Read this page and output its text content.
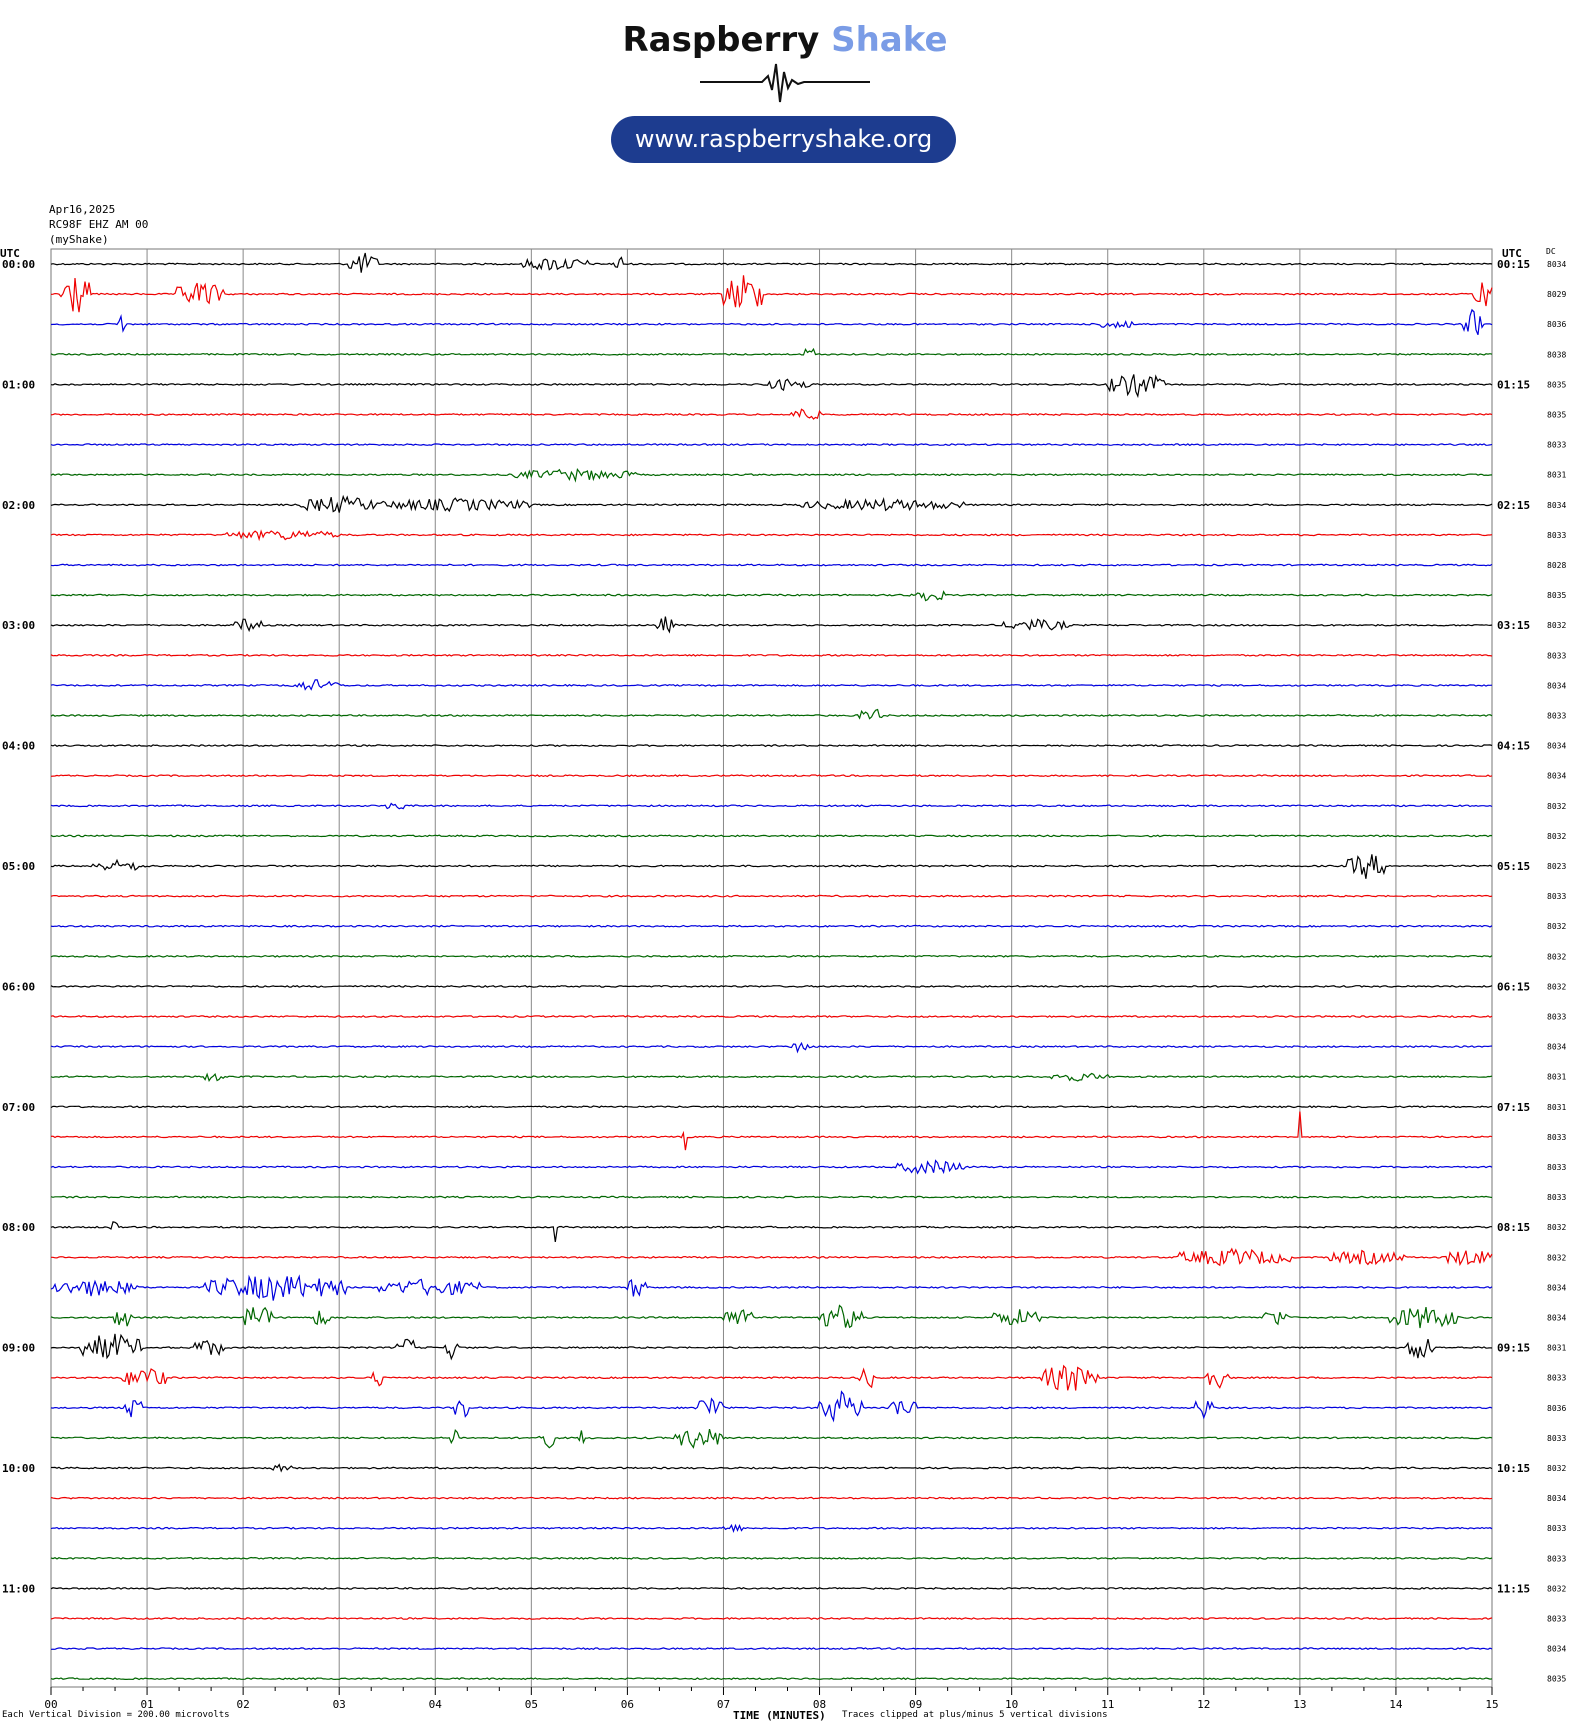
Raspberry Shake
www.raspberryshake.org
Apr16,2025
RC98F EHZ AM 00
(myShake)
UTC	UTC	DC
00	01	02	03	04	05	06	07	08	09	10	11	12	13	14	15
00:00	00:15 8034
8029
8036
8038
01:00	01:15 8035
8035
8033
8031
02:00	02:15 8034
8033
8028
8035
03:00	03:15 8032
8033
8034
8033
04:00	04:15 8034
8034
8032
8032
05:00	05:15 8023
8033
8032
8032
06:00	06:15 8032
8033
8034
8031
07:00	07:15 8031
8033
8033
8033
08:00	08:15 8032
8032
8034
8034
09:00	09:15 8031
8033
8036
8033
10:00	10:15 8032
8034
8033
8033
11:00	11:15 8032
8033
8034
8035
Each Vertical Division = 200.00 microvolts	TIME (MINUTES) Traces clipped at plus/minus 5 vertical divisions
